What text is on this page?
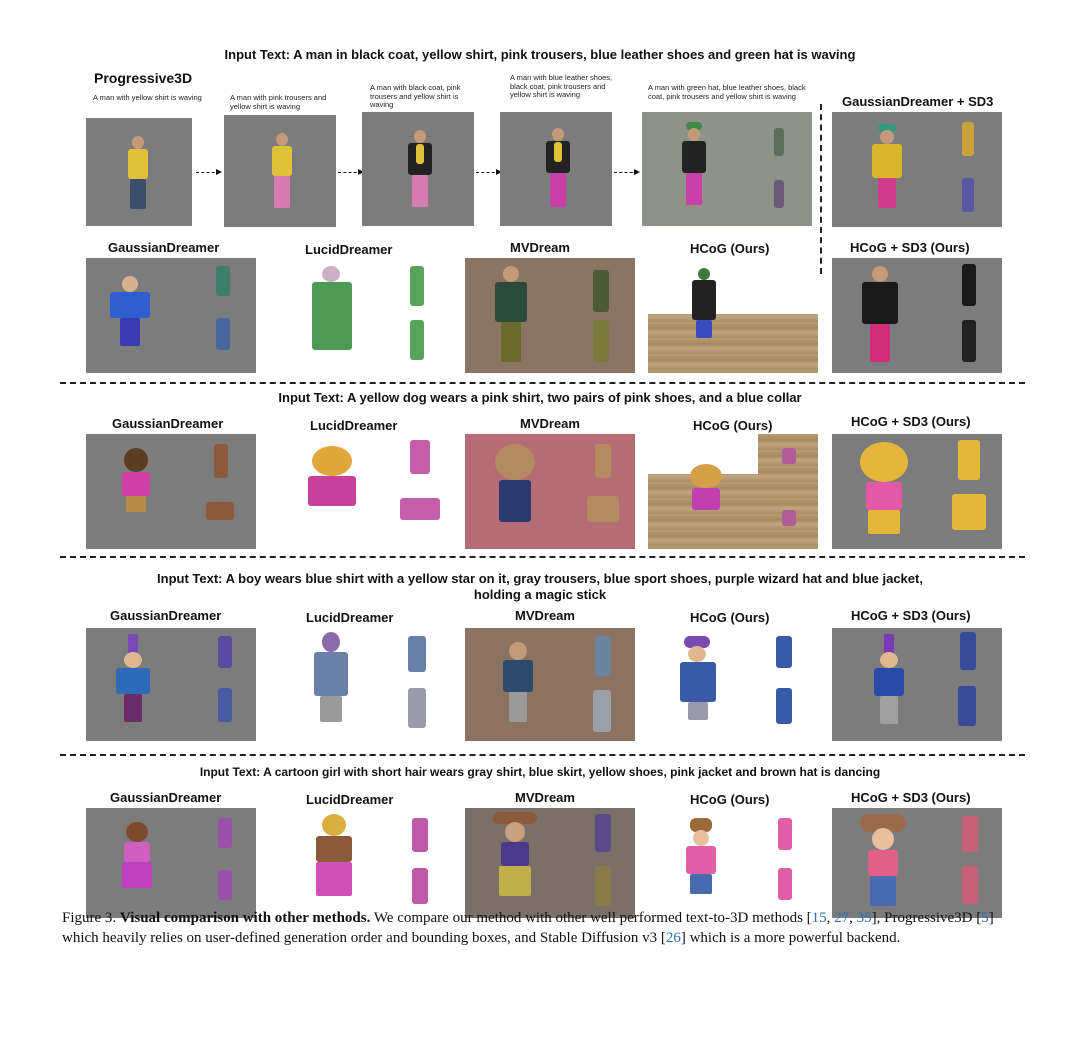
Input Text: A man in black coat, yellow shirt, pink trousers, blue leather shoes and green hat is waving
Progressive3D
A man with yellow shirt is waving	A man with pink trousers and yellow shirt is waving
A man with black coat, pink trousers and yellow shirt is waving
A man with blue leather shoes, black coat, pink trousers and yellow shirt is waving
A man with green hat, blue leather shoes, black coat, pink trousers and yellow shirt is waving	GaussianDreamer + SD3
GaussianDreamer	LucidDreamer	MVDream	HCoG (Ours)	HCoG + SD3 (Ours)
Input Text: A yellow dog wears a pink shirt, two pairs of pink shoes, and a blue collar
GaussianDreamer	LucidDreamer	MVDream	HCoG (Ours)	HCoG + SD3 (Ours)
Input Text: A boy wears blue shirt with a yellow star on it, gray trousers, blue sport shoes, purple wizard hat and blue jacket,
holding a magic stick
GaussianDreamer	LucidDreamer	MVDream	HCoG (Ours)	HCoG + SD3 (Ours)
Input Text: A cartoon girl with short hair wears gray shirt, blue skirt, yellow shoes, pink jacket and brown hat is dancing
GaussianDreamer	LucidDreamer	MVDream	HCoG (Ours)	HCoG + SD3 (Ours)
Figure 3. Visual comparison with other methods. We compare our method with other well performed text-to-3D methods [15, 27, 35], Progressive3D [5] which heavily relies on user-defined generation order and bounding boxes, and Stable Diffusion v3 [26] which is a more powerful backend.
